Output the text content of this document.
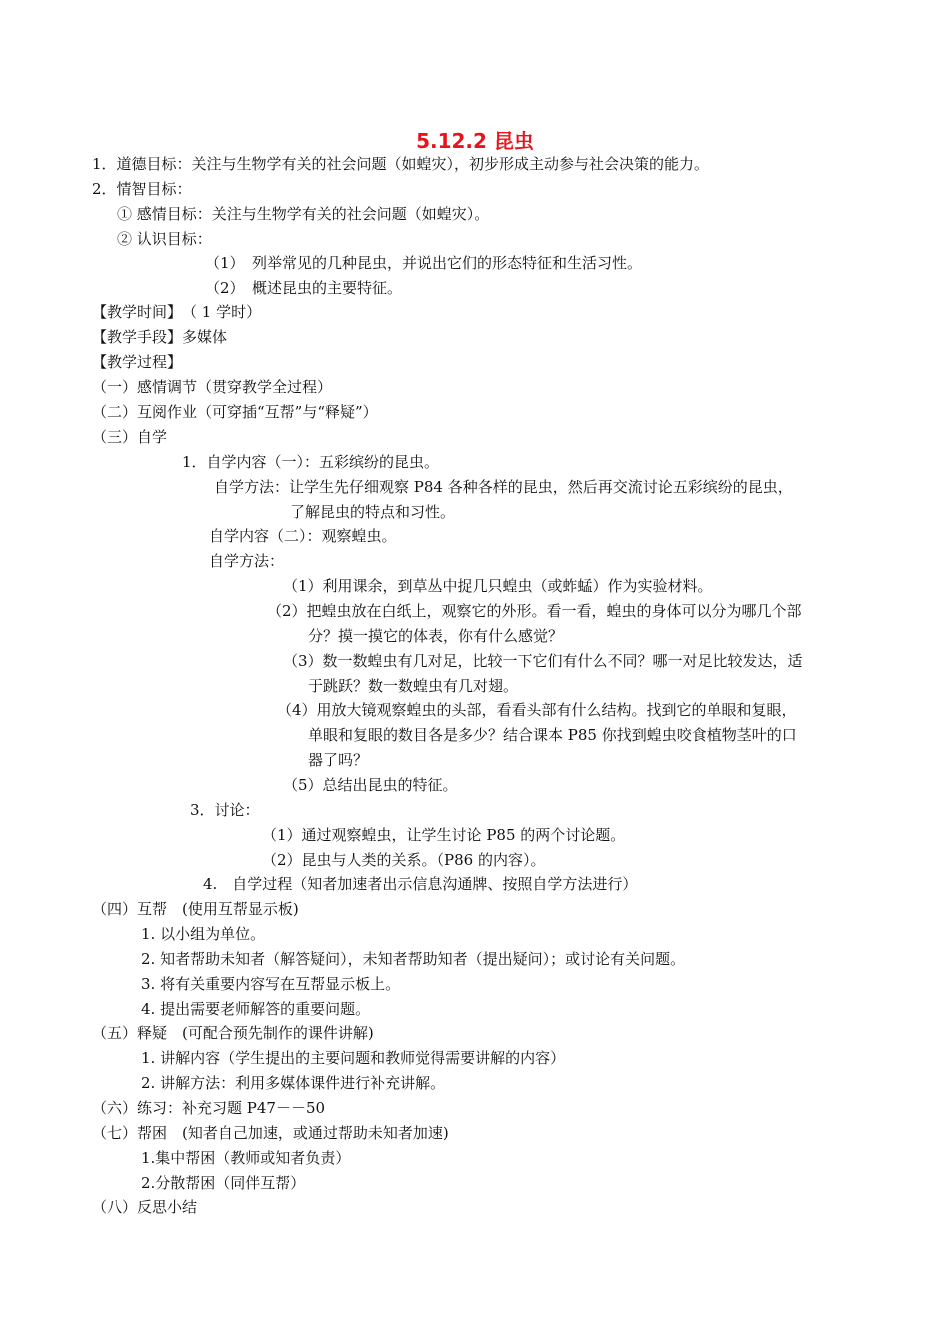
5.12.2 昆虫
1．道德目标：关注与生物学有关的社会问题（如蝗灾），初步形成主动参与社会决策的能力。
2．情智目标：
① 感情目标：关注与生物学有关的社会问题（如蝗灾）。
② 认识目标：
（1）　列举常见的几种昆虫，并说出它们的形态特征和生活习性。
（2）　概述昆虫的主要特征。
【教学时间】　（ 1 学时）
【教学手段】多媒体
【教学过程】
（一）感情调节（贯穿教学全过程）
（二）互阅作业（可穿插“互帮”与“释疑”）
（三）自学
1．自学内容（一）：五彩缤纷的昆虫。
自学方法：让学生先仔细观察 P84 各种各样的昆虫，然后再交流讨论五彩缤纷的昆虫，
了解昆虫的特点和习性。
自学内容（二）：观察蝗虫。
自学方法：
（1）利用课余，到草丛中捉几只蝗虫（或蚱蜢）作为实验材料。
（2）把蝗虫放在白纸上，观察它的外形。看一看，蝗虫的身体可以分为哪几个部
分？摸一摸它的体表，你有什么感觉？
（3）数一数蝗虫有几对足，比较一下它们有什么不同？哪一对足比较发达，适
于跳跃？数一数蝗虫有几对翅。
（4）用放大镜观察蝗虫的头部，看看头部有什么结构。找到它的单眼和复眼，
单眼和复眼的数目各是多少？结合课本 P85 你找到蝗虫咬食植物茎叶的口
器了吗？
（5）总结出昆虫的特征。
3．讨论：
（1）通过观察蝗虫，让学生讨论 P85 的两个讨论题。
（2）昆虫与人类的关系。（P86 的内容）。
4.　自学过程（知者加速者出示信息沟通牌、按照自学方法进行）
（四）互帮　(使用互帮显示板)
1. 以小组为单位。
2. 知者帮助未知者（解答疑问），未知者帮助知者（提出疑问）；或讨论有关问题。
3. 将有关重要内容写在互帮显示板上。
4. 提出需要老师解答的重要问题。
（五）释疑　(可配合预先制作的课件讲解)
1. 讲解内容（学生提出的主要问题和教师觉得需要讲解的内容）
2. 讲解方法：利用多媒体课件进行补充讲解。
（六）练习：补充习题 P47－－50
（七）帮困　(知者自己加速，或通过帮助未知者加速)
1.集中帮困（教师或知者负责）
2.分散帮困（同伴互帮）
（八）反思小结
